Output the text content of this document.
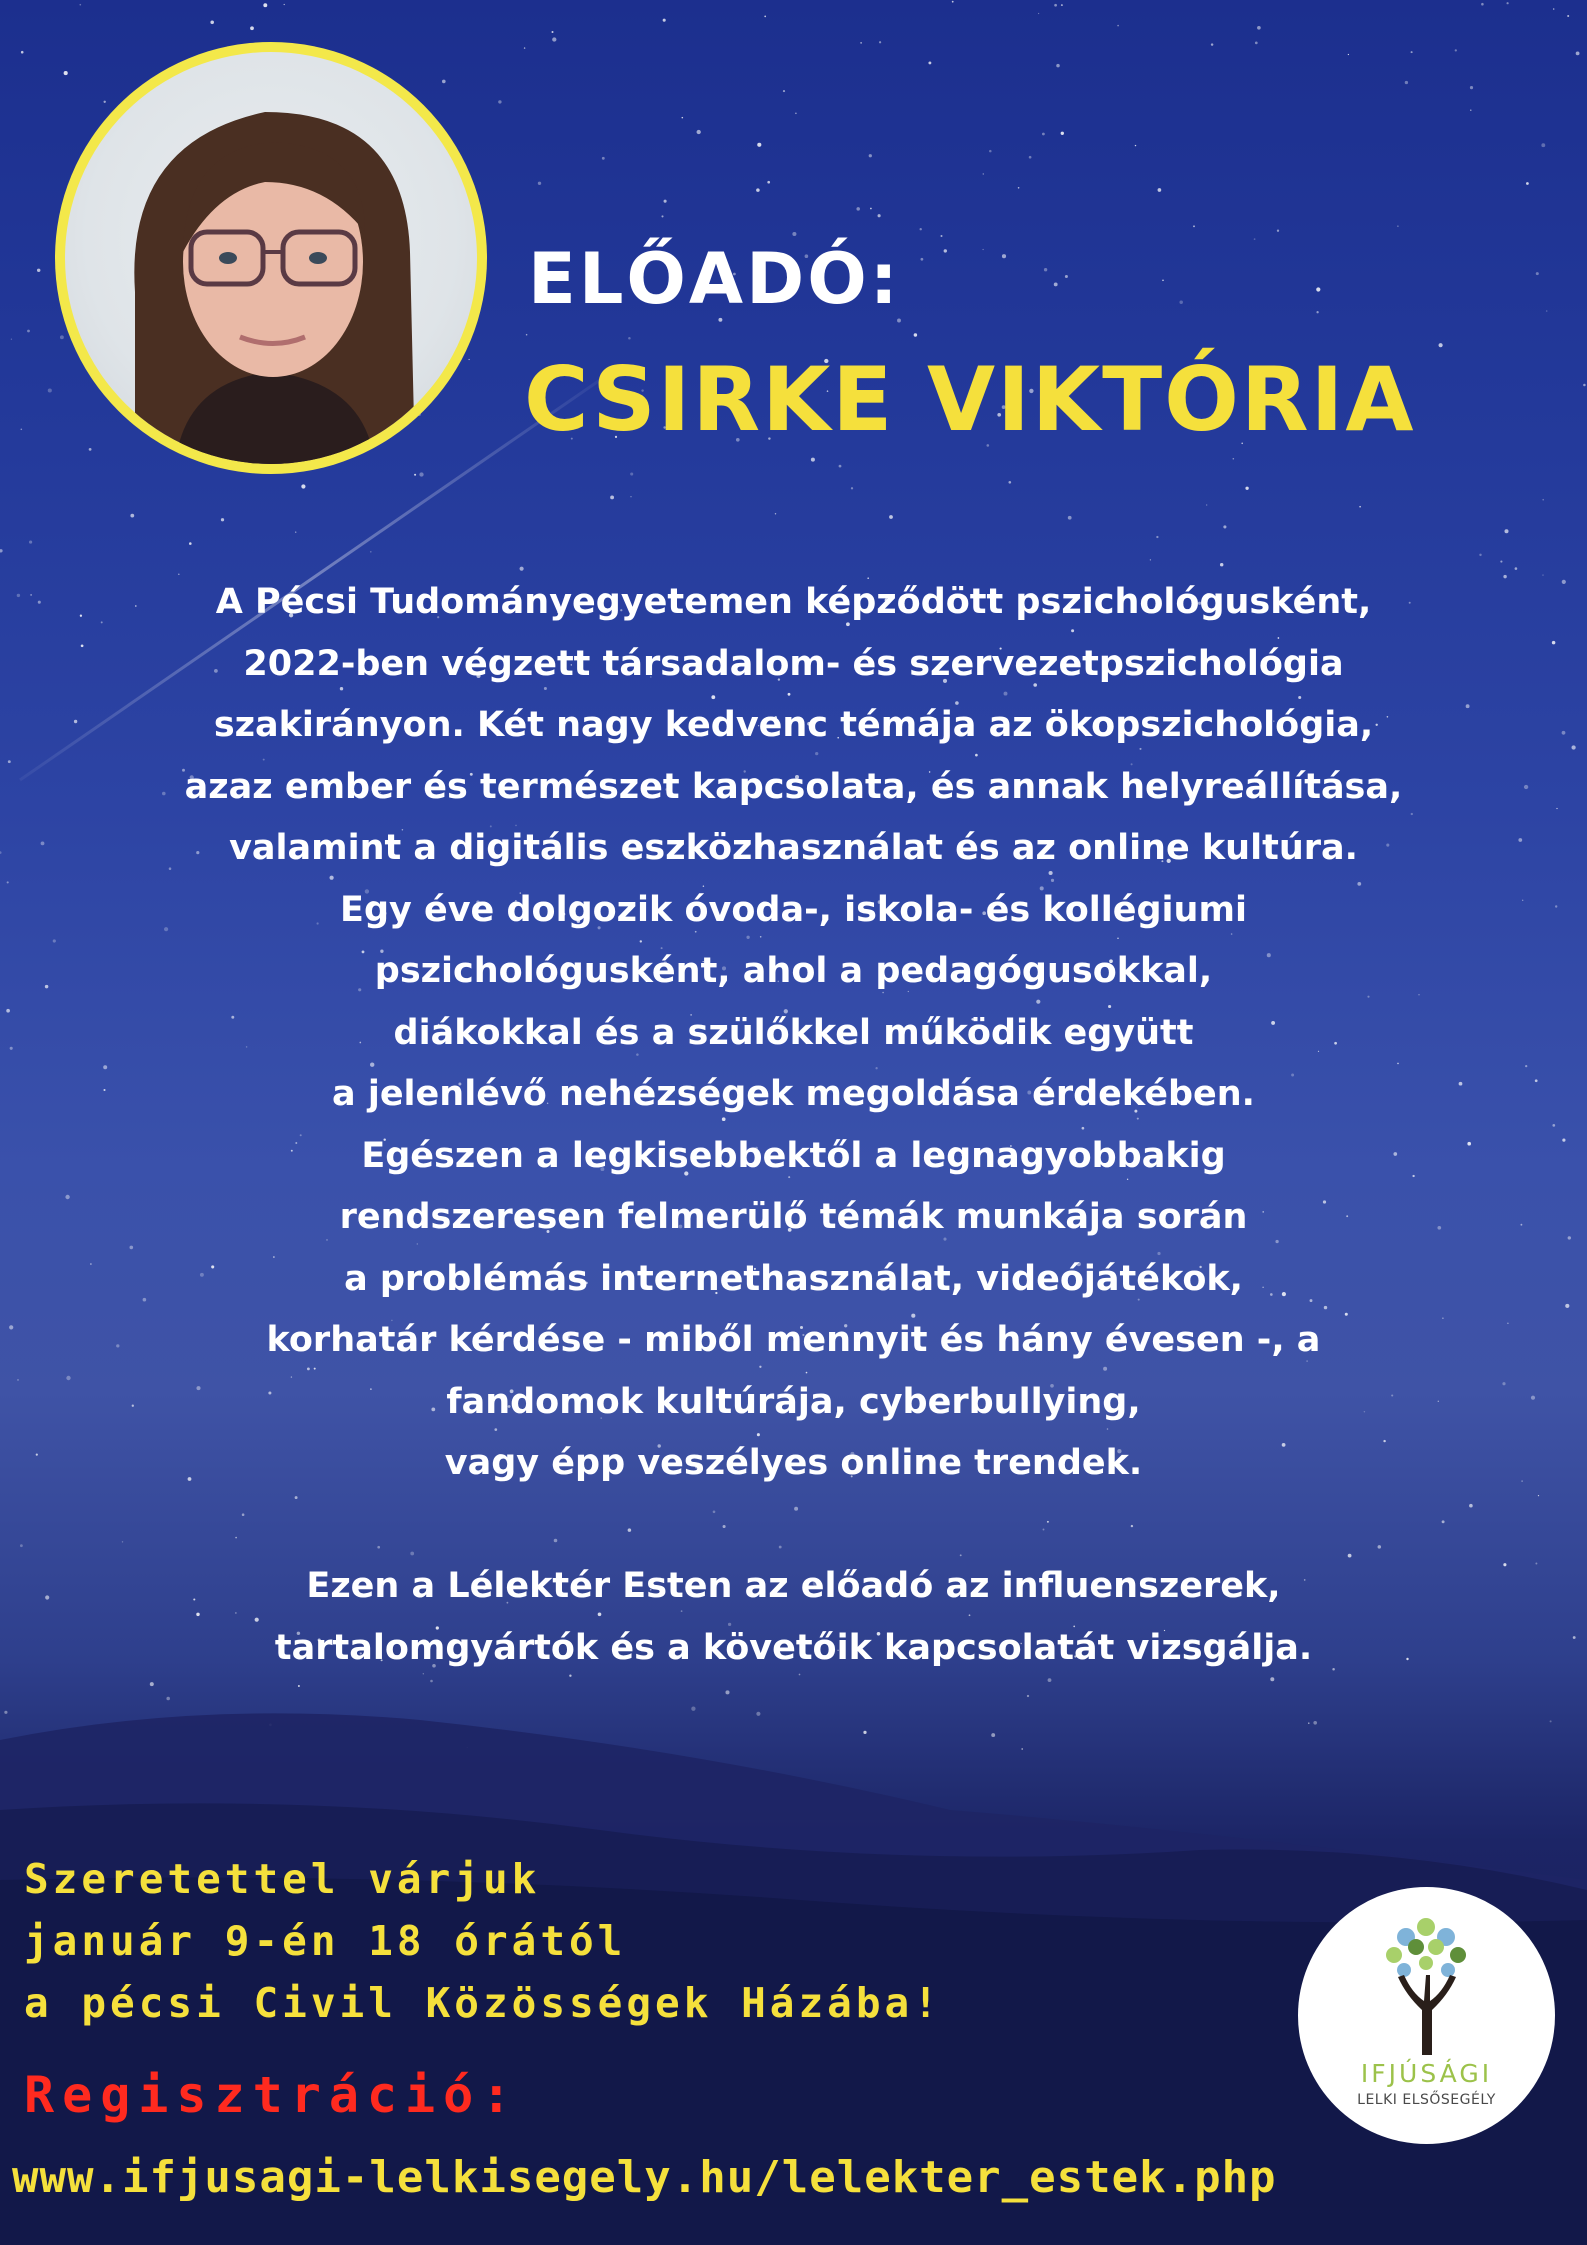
ELŐADÓ:
CSIRKE VIKTÓRIA
A Pécsi Tudományegyetemen képződött pszichológusként,
2022-ben végzett társadalom- és szervezetpszichológia
szakirányon. Két nagy kedvenc témája az ökopszichológia,
azaz ember és természet kapcsolata, és annak helyreállítása,
valamint a digitális eszközhasználat és az online kultúra.
Egy éve dolgozik óvoda-, iskola- és kollégiumi
pszichológusként, ahol a pedagógusokkal,
diákokkal és a szülőkkel működik együtt
a jelenlévő nehézségek megoldása érdekében.
Egészen a legkisebbektől a legnagyobbakig
rendszeresen felmerülő témák munkája során
a problémás internethasználat, videójátékok,
korhatár kérdése - miből mennyit és hány évesen -, a
fandomok kultúrája, cyberbullying,
vagy épp veszélyes online trendek.
Ezen a Lélektér Esten az előadó az influenszerek,
tartalomgyártók és a követőik kapcsolatát vizsgálja.
Szeretettel várjuk
január 9-én 18 órától
a pécsi Civil Közösségek Házába!
Regisztráció:
www.ifjusagi-lelkisegely.hu/lelekter_estek.php
IFJÚSÁGI
LELKI ELSŐSEGÉLY
